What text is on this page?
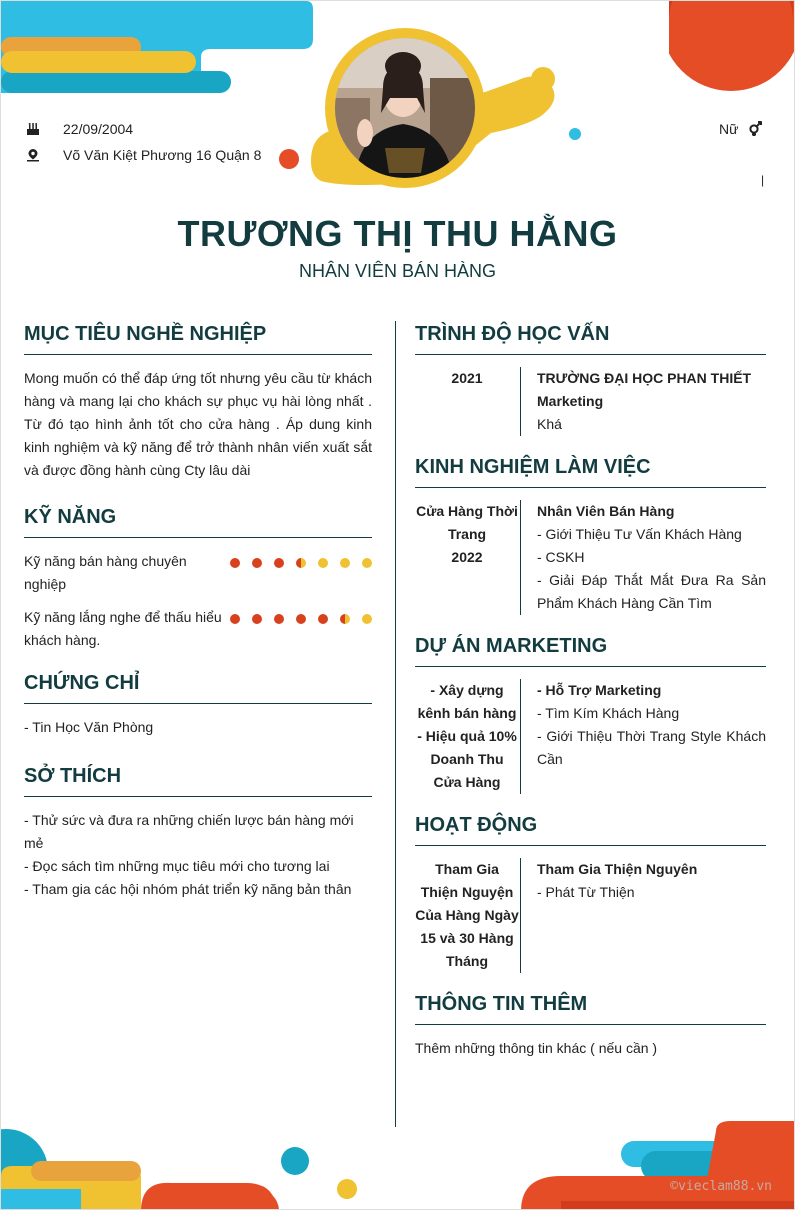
22/09/2004
Võ Văn Kiệt Phương 16 Quận 8
Nữ
|
TRƯƠNG THỊ THU HẰNG
NHÂN VIÊN BÁN HÀNG
MỤC TIÊU NGHỀ NGHIỆP
Mong muốn có thể đáp ứng tốt nhưng yêu cầu từ khách hàng và mang lại cho khách sự phục vụ hài lòng nhất . Từ đó tạo hình ảnh tốt cho cửa hàng . Áp dung kinh kinh nghiệm và kỹ năng để trở thành nhân viến xuất sắt và được đồng hành cùng Cty lâu dài
KỸ NĂNG
Kỹ năng bán hàng chuyên nghiệp
Kỹ năng lắng nghe để thấu hiểu khách hàng.
CHỨNG CHỈ
- Tin Học Văn Phòng
SỞ THÍCH
- Thử sức và đưa ra những chiến lược bán hàng mới mẻ
- Đọc sách tìm những mục tiêu mới cho tương lai
- Tham gia các hội nhóm phát triển kỹ năng bản thân
TRÌNH ĐỘ HỌC VẤN
2021	TRƯỜNG ĐẠI HỌC PHAN THIẾT
Marketing
Khá
KINH NGHIỆM LÀM VIỆC
Cửa Hàng Thời Trang
2022
Nhân Viên Bán Hàng
- Giới Thiệu Tư Vấn Khách Hàng
- CSKH
- Giải Đáp Thắt Mắt Đưa Ra Sản Phẩm Khách Hàng Cần Tìm
DỰ ÁN MARKETING
- Xây dựng kênh bán hàng
- Hiệu quả 10% Doanh Thu Cửa Hàng
- Hỗ Trợ Marketing
- Tìm Kím Khách Hàng
- Giới Thiệu Thời Trang Style Khách Cần
HOẠT ĐỘNG
Tham Gia Thiện Nguyện Của Hàng Ngày 15 và 30 Hàng Tháng
Tham Gia Thiện Nguyên
- Phát Từ Thiện
THÔNG TIN THÊM
Thêm những thông tin khác ( nếu cần )
©vieclam88.vn
